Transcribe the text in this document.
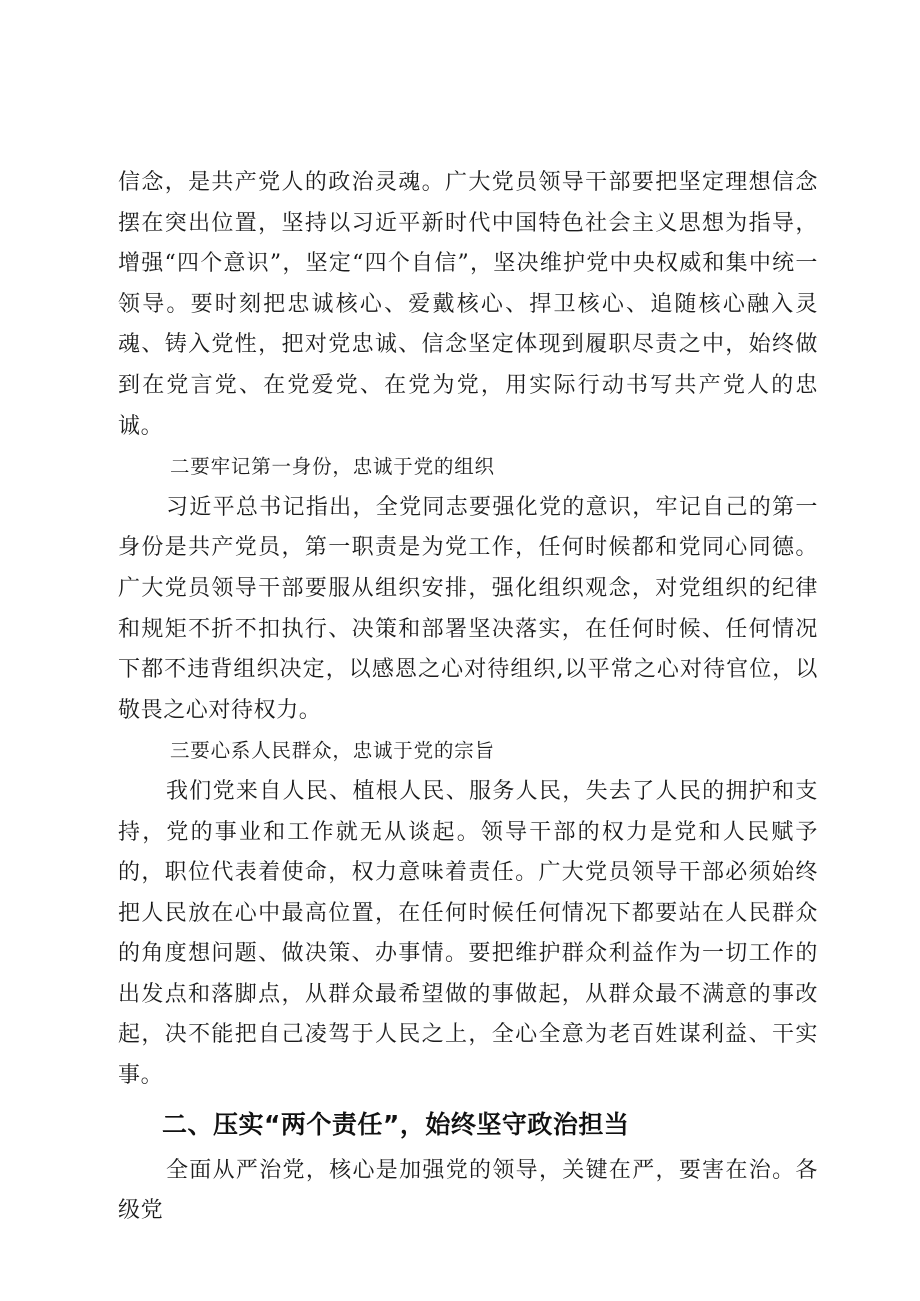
信念，是共产党人的政治灵魂。广大党员领导干部要把坚定理想信念摆在突出位置，坚持以习近平新时代中国特色社会主义思想为指导，增强“四个意识”，坚定“四个自信”，坚决维护党中央权威和集中统一领导。要时刻把忠诚核心、爱戴核心、捍卫核心、追随核心融入灵魂、铸入党性，把对党忠诚、信念坚定体现到履职尽责之中，始终做到在党言党、在党爱党、在党为党，用实际行动书写共产党人的忠诚。

二要牢记第一身份，忠诚于党的组织

习近平总书记指出，全党同志要强化党的意识，牢记自己的第一身份是共产党员，第一职责是为党工作，任何时候都和党同心同德。广大党员领导干部要服从组织安排，强化组织观念，对党组织的纪律和规矩不折不扣执行、决策和部署坚决落实，在任何时候、任何情况下都不违背组织决定，以感恩之心对待组织,以平常之心对待官位，以敬畏之心对待权力。

三要心系人民群众，忠诚于党的宗旨

我们党来自人民、植根人民、服务人民，失去了人民的拥护和支持，党的事业和工作就无从谈起。领导干部的权力是党和人民赋予的，职位代表着使命，权力意味着责任。广大党员领导干部必须始终把人民放在心中最高位置，在任何时候任何情况下都要站在人民群众的角度想问题、做决策、办事情。要把维护群众利益作为一切工作的出发点和落脚点，从群众最希望做的事做起，从群众最不满意的事改起，决不能把自己凌驾于人民之上，全心全意为老百姓谋利益、干实事。

二、压实“两个责任”，始终坚守政治担当

全面从严治党，核心是加强党的领导，关键在严，要害在治。各级党
